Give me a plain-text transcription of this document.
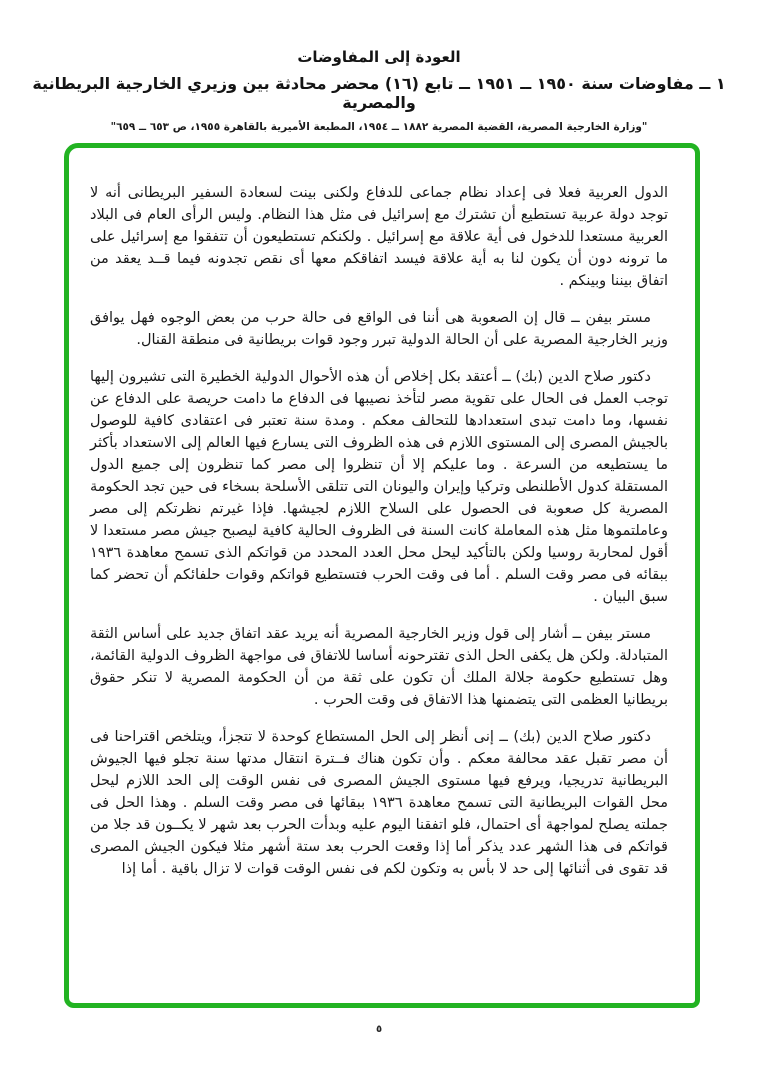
العودة إلى المفاوضات
١ ــ مفاوضات سنة ١٩٥٠ ــ ١٩٥١ ــ تابع (١٦) محضر محادثة بين وزيري الخارجية البريطانية والمصرية
"وزارة الخارجية المصرية، القضية المصرية ١٨٨٢ ــ ١٩٥٤، المطبعة الأميرية بالقاهرة ١٩٥٥، ص ٦٥٣ ــ ٦٥٩"

الدول العربية فعلا فى إعداد نظام جماعى للدفاع ولكنى بينت لسعادة السفير البريطانى أنه لا توجد دولة عربية تستطيع أن تشترك مع إسرائيل فى مثل هذا النظام. وليس الرأى العام فى البلاد العربية مستعدا للدخول فى أية علاقة مع إسرائيل . ولكنكم تستطيعون أن تتفقوا مع إسرائيل على ما ترونه دون أن يكون لنا به أية علاقة فيسد اتفاقكم معها أى نقص تجدونه فيما قــد يعقد من اتفاق بيننا وبينكم .

مستر بيفن ــ قال إن الصعوبة هى أننا فى الواقع فى حالة حرب من بعض الوجوه فهل يوافق وزير الخارجية المصرية على أن الحالة الدولية تبرر وجود قوات بريطانية فى منطقة القنال.

دكتور صلاح الدين (بك) ــ أعتقد بكل إخلاص أن هذه الأحوال الدولية الخطيرة التى تشيرون إليها توجب العمل فى الحال على تقوية مصر لتأخذ نصيبها فى الدفاع ما دامت حريصة على الدفاع عن نفسها، وما دامت تبدى استعدادها للتحالف معكم . ومدة سنة تعتبر فى اعتقادى كافية للوصول بالجيش المصرى إلى المستوى اللازم فى هذه الظروف التى يسارع فيها العالم إلى الاستعداد بأكثر ما يستطيعه من السرعة . وما عليكم إلا أن تنظروا إلى مصر كما تنظرون إلى جميع الدول المستقلة كدول الأطلنطى وتركيا وإيران واليونان التى تتلقى الأسلحة بسخاء فى حين تجد الحكومة المصرية كل صعوبة فى الحصول على السلاح اللازم لجيشها. فإذا غيرتم نظرتكم إلى مصر وعاملتموها مثل هذه المعاملة كانت السنة فى الظروف الحالية كافية ليصبح جيش مصر مستعدا لا أقول لمحاربة روسيا ولكن بالتأكيد ليحل محل العدد المحدد من قواتكم الذى تسمح معاهدة ١٩٣٦ ببقائه فى مصر وقت السلم . أما فى وقت الحرب فتستطيع قواتكم وقوات حلفائكم أن تحضر كما سبق البيان .

مستر بيفن ــ أشار إلى قول وزير الخارجية المصرية أنه يريد عقد اتفاق جديد على أساس الثقة المتبادلة. ولكن هل يكفى الحل الذى تقترحونه أساسا للاتفاق فى مواجهة الظروف الدولية القائمة، وهل تستطيع حكومة جلالة الملك أن تكون على ثقة من أن الحكومة المصرية لا تنكر حقوق بريطانيا العظمى التى يتضمنها هذا الاتفاق فى وقت الحرب .

دكتور صلاح الدين (بك) ــ إنى أنظر إلى الحل المستطاع كوحدة لا تتجزأ، ويتلخص اقتراحنا فى أن مصر تقبل عقد محالفة معكم . وأن تكون هناك فــترة انتقال مدتها سنة تجلو فيها الجيوش البريطانية تدريجيا، ويرفع فيها مستوى الجيش المصرى فى نفس الوقت إلى الحد اللازم ليحل محل القوات البريطانية التى تسمح معاهدة ١٩٣٦ ببقائها فى مصر وقت السلم . وهذا الحل فى جملته يصلح لمواجهة أى احتمال، فلو اتفقنا اليوم عليه وبدأت الحرب بعد شهر لا يكــون قد جلا من قواتكم فى هذا الشهر عدد يذكر أما إذا وقعت الحرب بعد ستة أشهر مثلا فيكون الجيش المصرى قد تقوى فى أثنائها إلى حد لا بأس به وتكون لكم فى نفس الوقت قوات لا تزال باقية . أما إذا

٥
